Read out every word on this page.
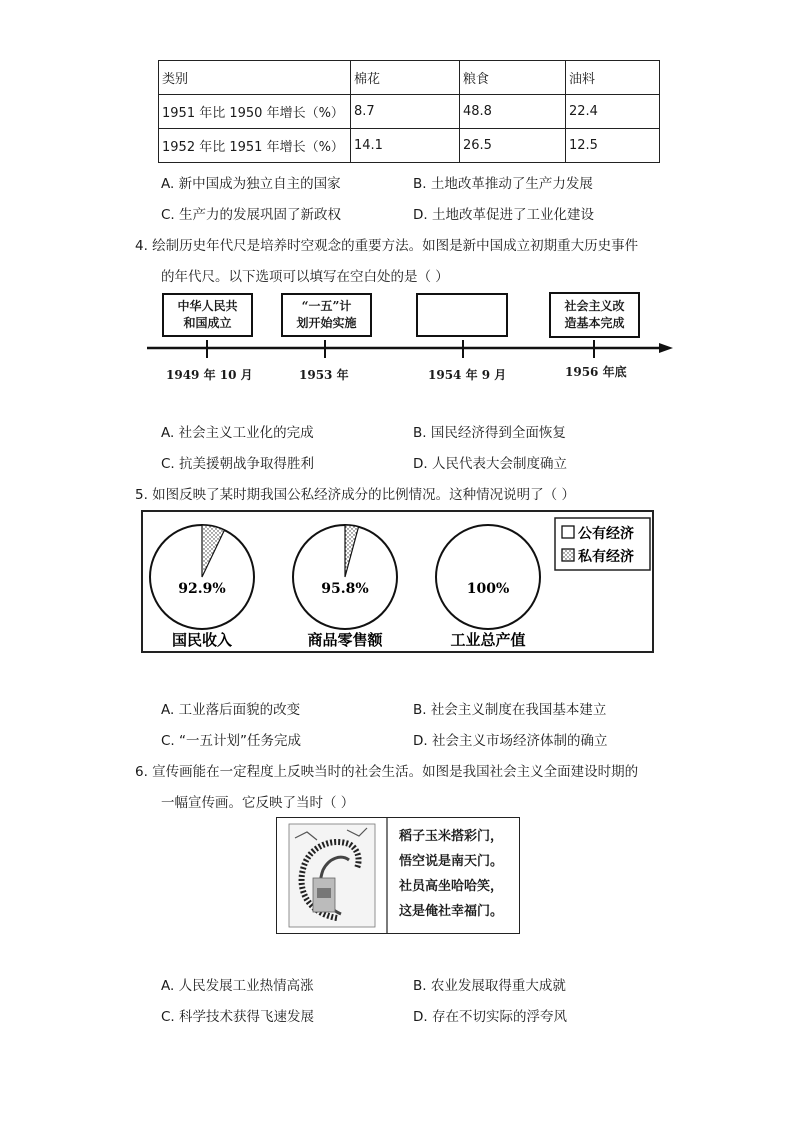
类别	棉花	粮食	油料
1951 年比 1950 年增长（%）	8.7	48.8	22.4
1952 年比 1951 年增长（%）	14.1	26.5	12.5
A. 新中国成为独立自主的国家	B. 土地改革推动了生产力发展
C. 生产力的发展巩固了新政权	D. 土地改革促进了工业化建设
4. 绘制历史年代尺是培养时空观念的重要方法。如图是新中国成立初期重大历史事件
的年代尺。以下选项可以填写在空白处的是（ ）
中华人民共
和国成立
“一五”计
划开始实施
社会主义改
造基本完成
1949 年 10 月	1953 年	1954 年 9 月	1956 年底
A. 社会主义工业化的完成	B. 国民经济得到全面恢复
C. 抗美援朝战争取得胜利	D. 人民代表大会制度确立
5. 如图反映了某时期我国公私经济成分的比例情况。这种情况说明了（ ）
92.9%
国民收入
95.8%
商品零售额
100%
工业总产值
公有经济
私有经济
A. 工业落后面貌的改变	B. 社会主义制度在我国基本建立
C. “一五计划”任务完成	D. 社会主义市场经济体制的确立
6. 宣传画能在一定程度上反映当时的社会生活。如图是我国社会主义全面建设时期的
一幅宣传画。它反映了当时（ ）
稻子玉米搭彩门，
悟空说是南天门。
社员高坐哈哈笑，
这是俺社幸福门。
A. 人民发展工业热情高涨	B. 农业发展取得重大成就
C. 科学技术获得飞速发展	D. 存在不切实际的浮夸风
